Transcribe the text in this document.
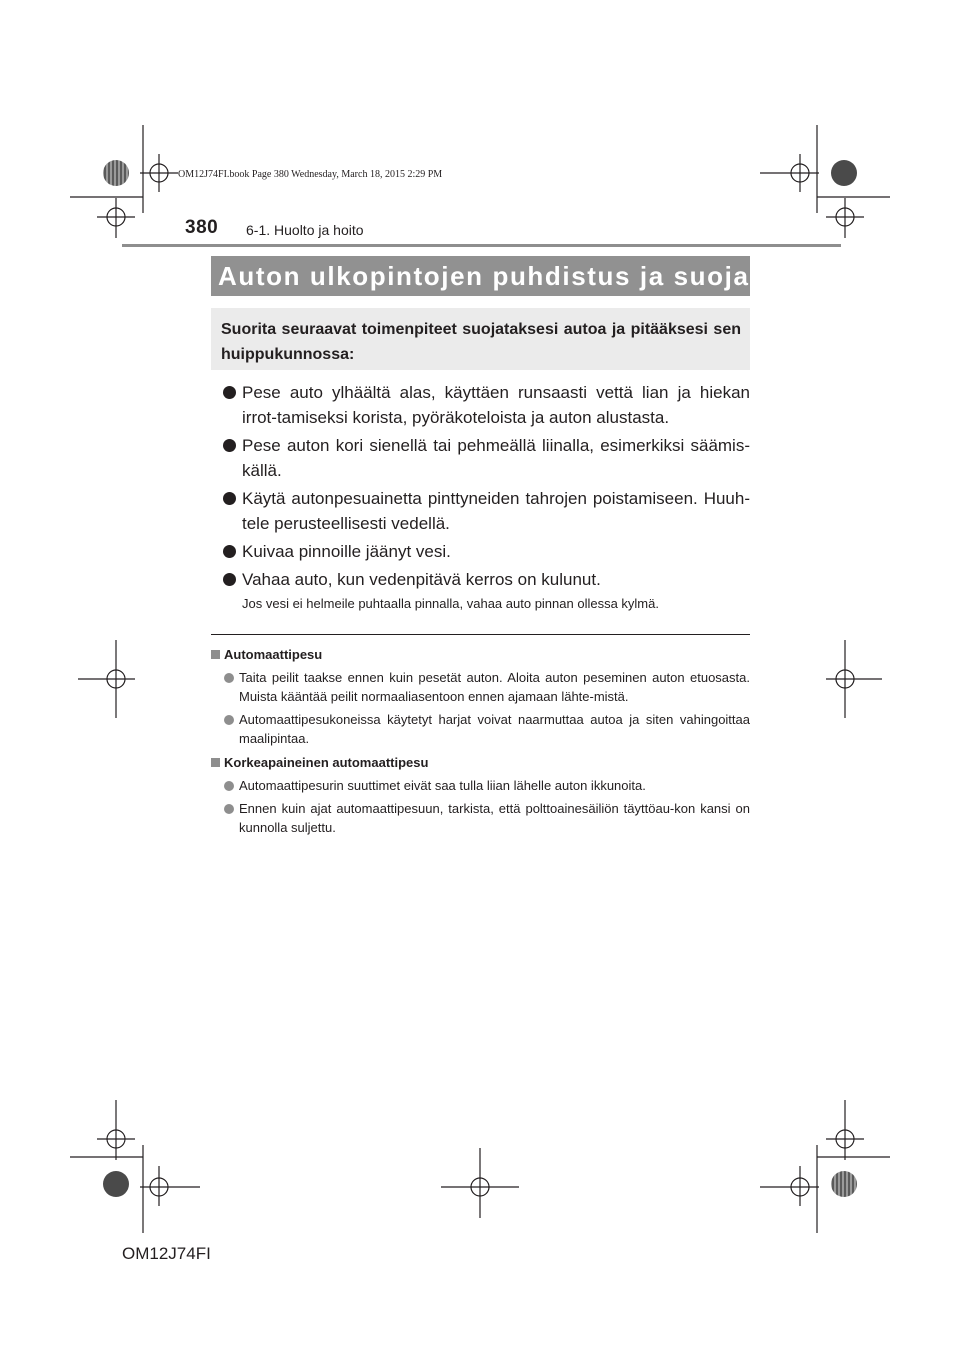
OM12J74FI.book Page 380 Wednesday, March 18, 2015 2:29 PM
380 6-1. Huolto ja hoito
Auton ulkopintojen puhdistus ja suojaus
Suorita seuraavat toimenpiteet suojataksesi autoa ja pitääksesi sen huippukunnossa:
Pese auto ylhäältä alas, käyttäen runsaasti vettä lian ja hiekan irrot-tamiseksi korista, pyöräkoteloista ja auton alustasta.
Pese auton kori sienellä tai pehmeällä liinalla, esimerkiksi säämis-källä.
Käytä autonpesuainetta pinttyneiden tahrojen poistamiseen. Huuh-tele perusteellisesti vedellä.
Kuivaa pinnoille jäänyt vesi.
Vahaa auto, kun vedenpitävä kerros on kulunut.
Jos vesi ei helmeile puhtaalla pinnalla, vahaa auto pinnan ollessa kylmä.
Automaattipesu
Taita peilit taakse ennen kuin pesetät auton. Aloita auton peseminen auton etuosasta. Muista kääntää peilit normaaliasentoon ennen ajamaan lähte-mistä.
Automaattipesukoneissa käytetyt harjat voivat naarmuttaa autoa ja siten vahingoittaa maalipintaa.
Korkeapaineinen automaattipesu
Automaattipesurin suuttimet eivät saa tulla liian lähelle auton ikkunoita.
Ennen kuin ajat automaattipesuun, tarkista, että polttoainesäiliön täyttöau-kon kansi on kunnolla suljettu.
OM12J74FI
